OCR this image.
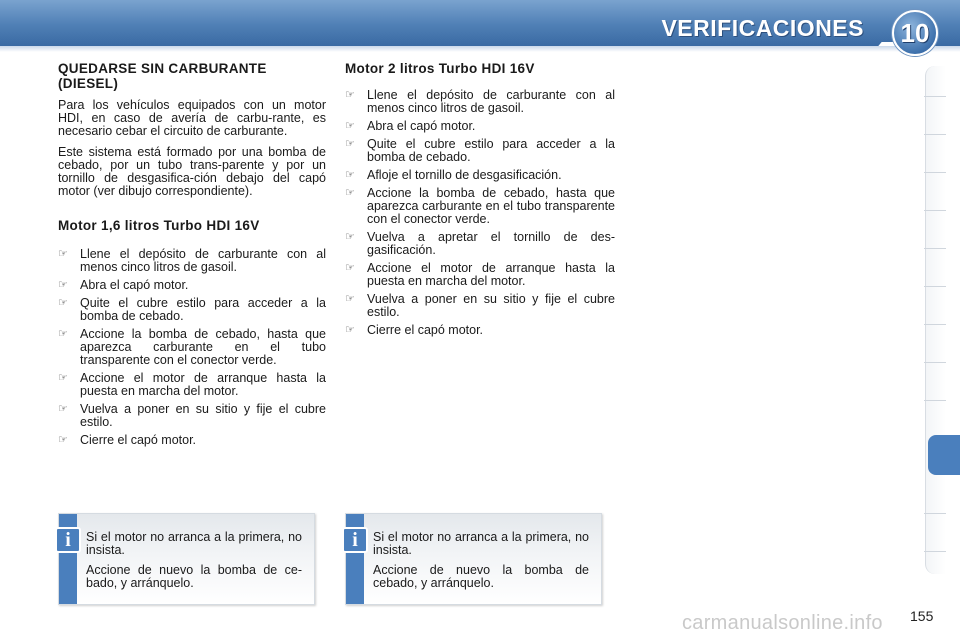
VERIFICACIONES	10
QUEDARSE SIN CARBURANTE (DIESEL)

Para los vehículos equipados con un motor HDI, en caso de avería de carbu-rante, es necesario cebar el circuito de carburante.

Este sistema está formado por una bomba de cebado, por un tubo trans-parente y por un tornillo de desgasifica-ción debajo del capó motor (ver dibujo correspondiente).

Motor 1,6 litros Turbo HDI 16V
☞ Llene el depósito de carburante con al menos cinco litros de gasoil.
☞ Abra el capó motor.
☞ Quite el cubre estilo para acceder a la bomba de cebado.
☞ Accione la bomba de cebado, hasta que aparezca carburante en el tubo transparente con el conector verde.
☞ Accione el motor de arranque hasta la puesta en marcha del motor.
☞ Vuelva a poner en su sitio y fije el cubre estilo.
☞ Cierre el capó motor.
Motor 2 litros Turbo HDI 16V
☞ Llene el depósito de carburante con al menos cinco litros de gasoil.
☞ Abra el capó motor.
☞ Quite el cubre estilo para acceder a la bomba de cebado.
☞ Afloje el tornillo de desgasificación.
☞ Accione la bomba de cebado, hasta que aparezca carburante en el tubo transparente con el conector verde.
☞ Vuelva a apretar el tornillo de des-gasificación.
☞ Accione el motor de arranque hasta la puesta en marcha del motor.
☞ Vuelva a poner en su sitio y fije el cubre estilo.
☞ Cierre el capó motor.
i	Si el motor no arranca a la primera, no insista.

Accione de nuevo la bomba de ce-bado, y arránquelo.

i	Si el motor no arranca a la primera, no insista.

Accione de nuevo la bomba de cebado, y arránquelo.

carmanualsonline.info 155
